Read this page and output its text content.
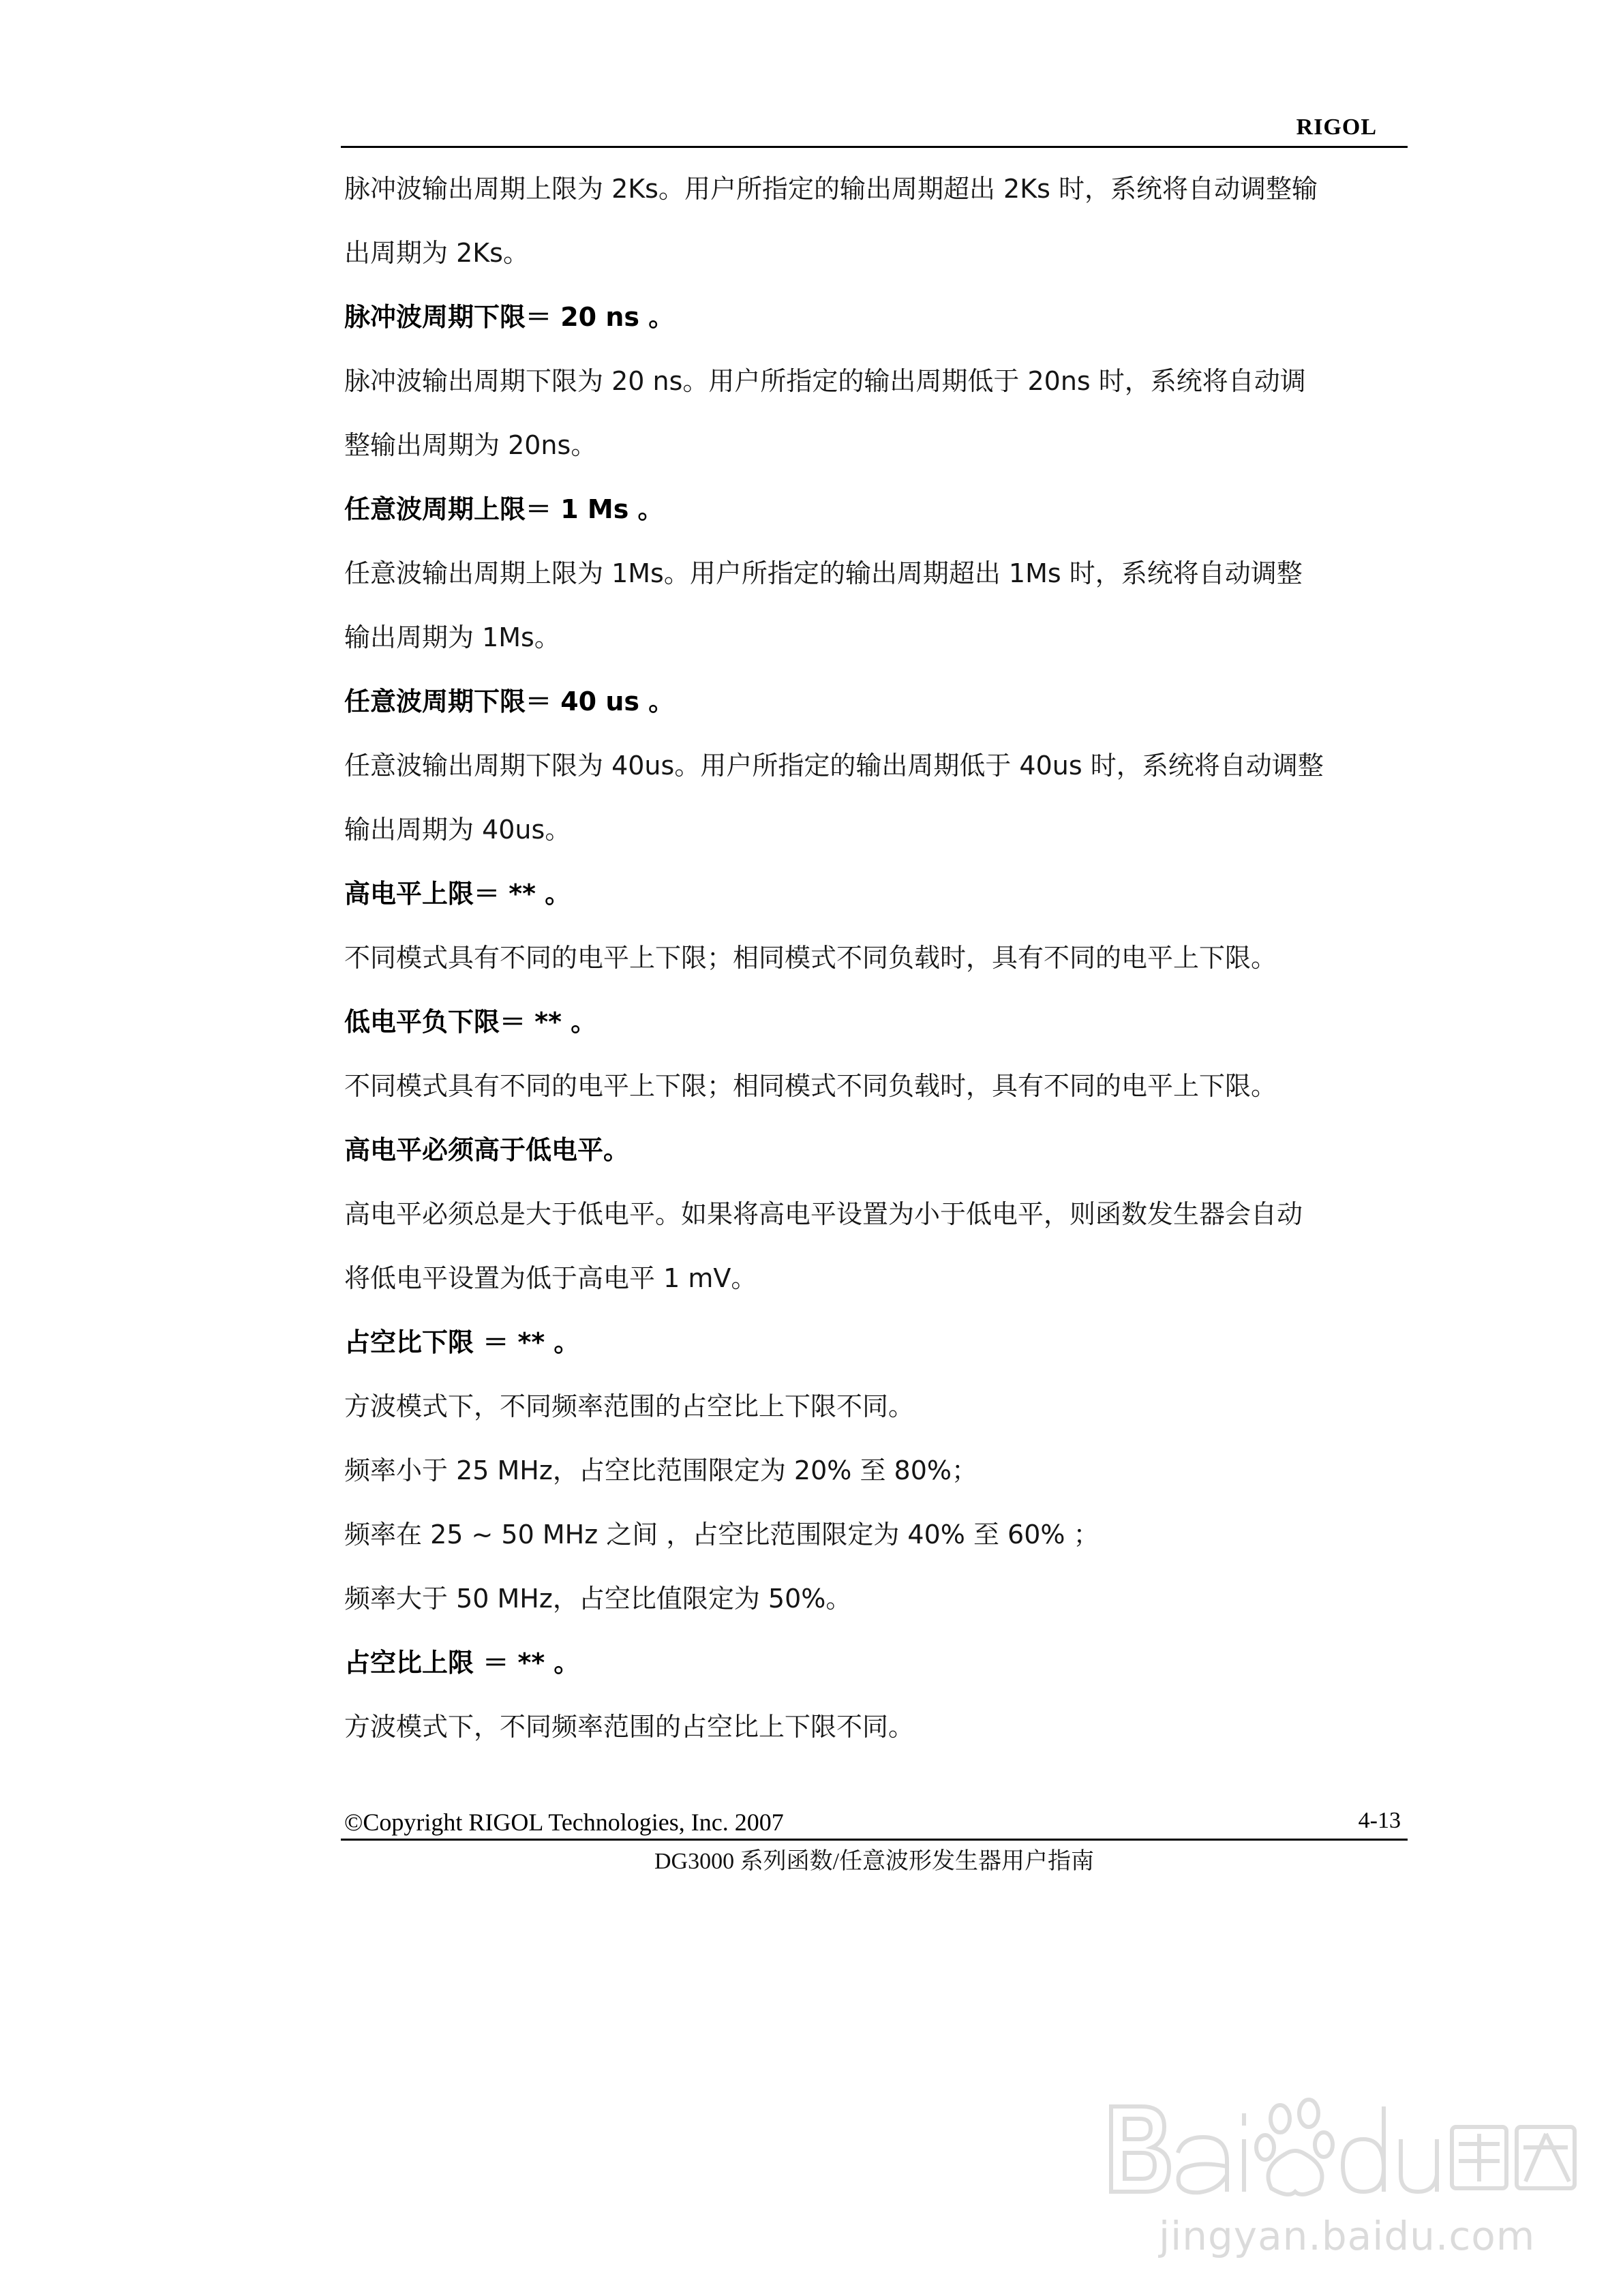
RIGOL
脉冲波输出周期上限为 2Ks。用户所指定的输出周期超出 2Ks 时，系统将自动调整输
出周期为 2Ks。
脉冲波周期下限＝ 20 ns 。
脉冲波输出周期下限为 20 ns。用户所指定的输出周期低于 20ns 时，系统将自动调
整输出周期为 20ns。
任意波周期上限＝ 1 Ms 。
任意波输出周期上限为 1Ms。用户所指定的输出周期超出 1Ms 时，系统将自动调整
输出周期为 1Ms。
任意波周期下限＝ 40 us 。
任意波输出周期下限为 40us。用户所指定的输出周期低于 40us 时，系统将自动调整
输出周期为 40us。
高电平上限＝ ** 。
不同模式具有不同的电平上下限；相同模式不同负载时，具有不同的电平上下限。
低电平负下限＝ ** 。
不同模式具有不同的电平上下限；相同模式不同负载时，具有不同的电平上下限。
高电平必须高于低电平。
高电平必须总是大于低电平。如果将高电平设置为小于低电平，则函数发生器会自动
将低电平设置为低于高电平 1 mV。
占空比下限 ＝ ** 。
方波模式下，不同频率范围的占空比上下限不同。
频率小于 25 MHz，占空比范围限定为 20% 至 80%；
频率在 25 ~ 50 MHz 之间 ，占空比范围限定为 40% 至 60% ；
频率大于 50 MHz，占空比值限定为 50%。
占空比上限 ＝ ** 。
方波模式下，不同频率范围的占空比上下限不同。
©Copyright RIGOL Technologies, Inc. 2007	4-13
DG3000 系列函数/任意波形发生器用户指南
jingyan.baidu.com
